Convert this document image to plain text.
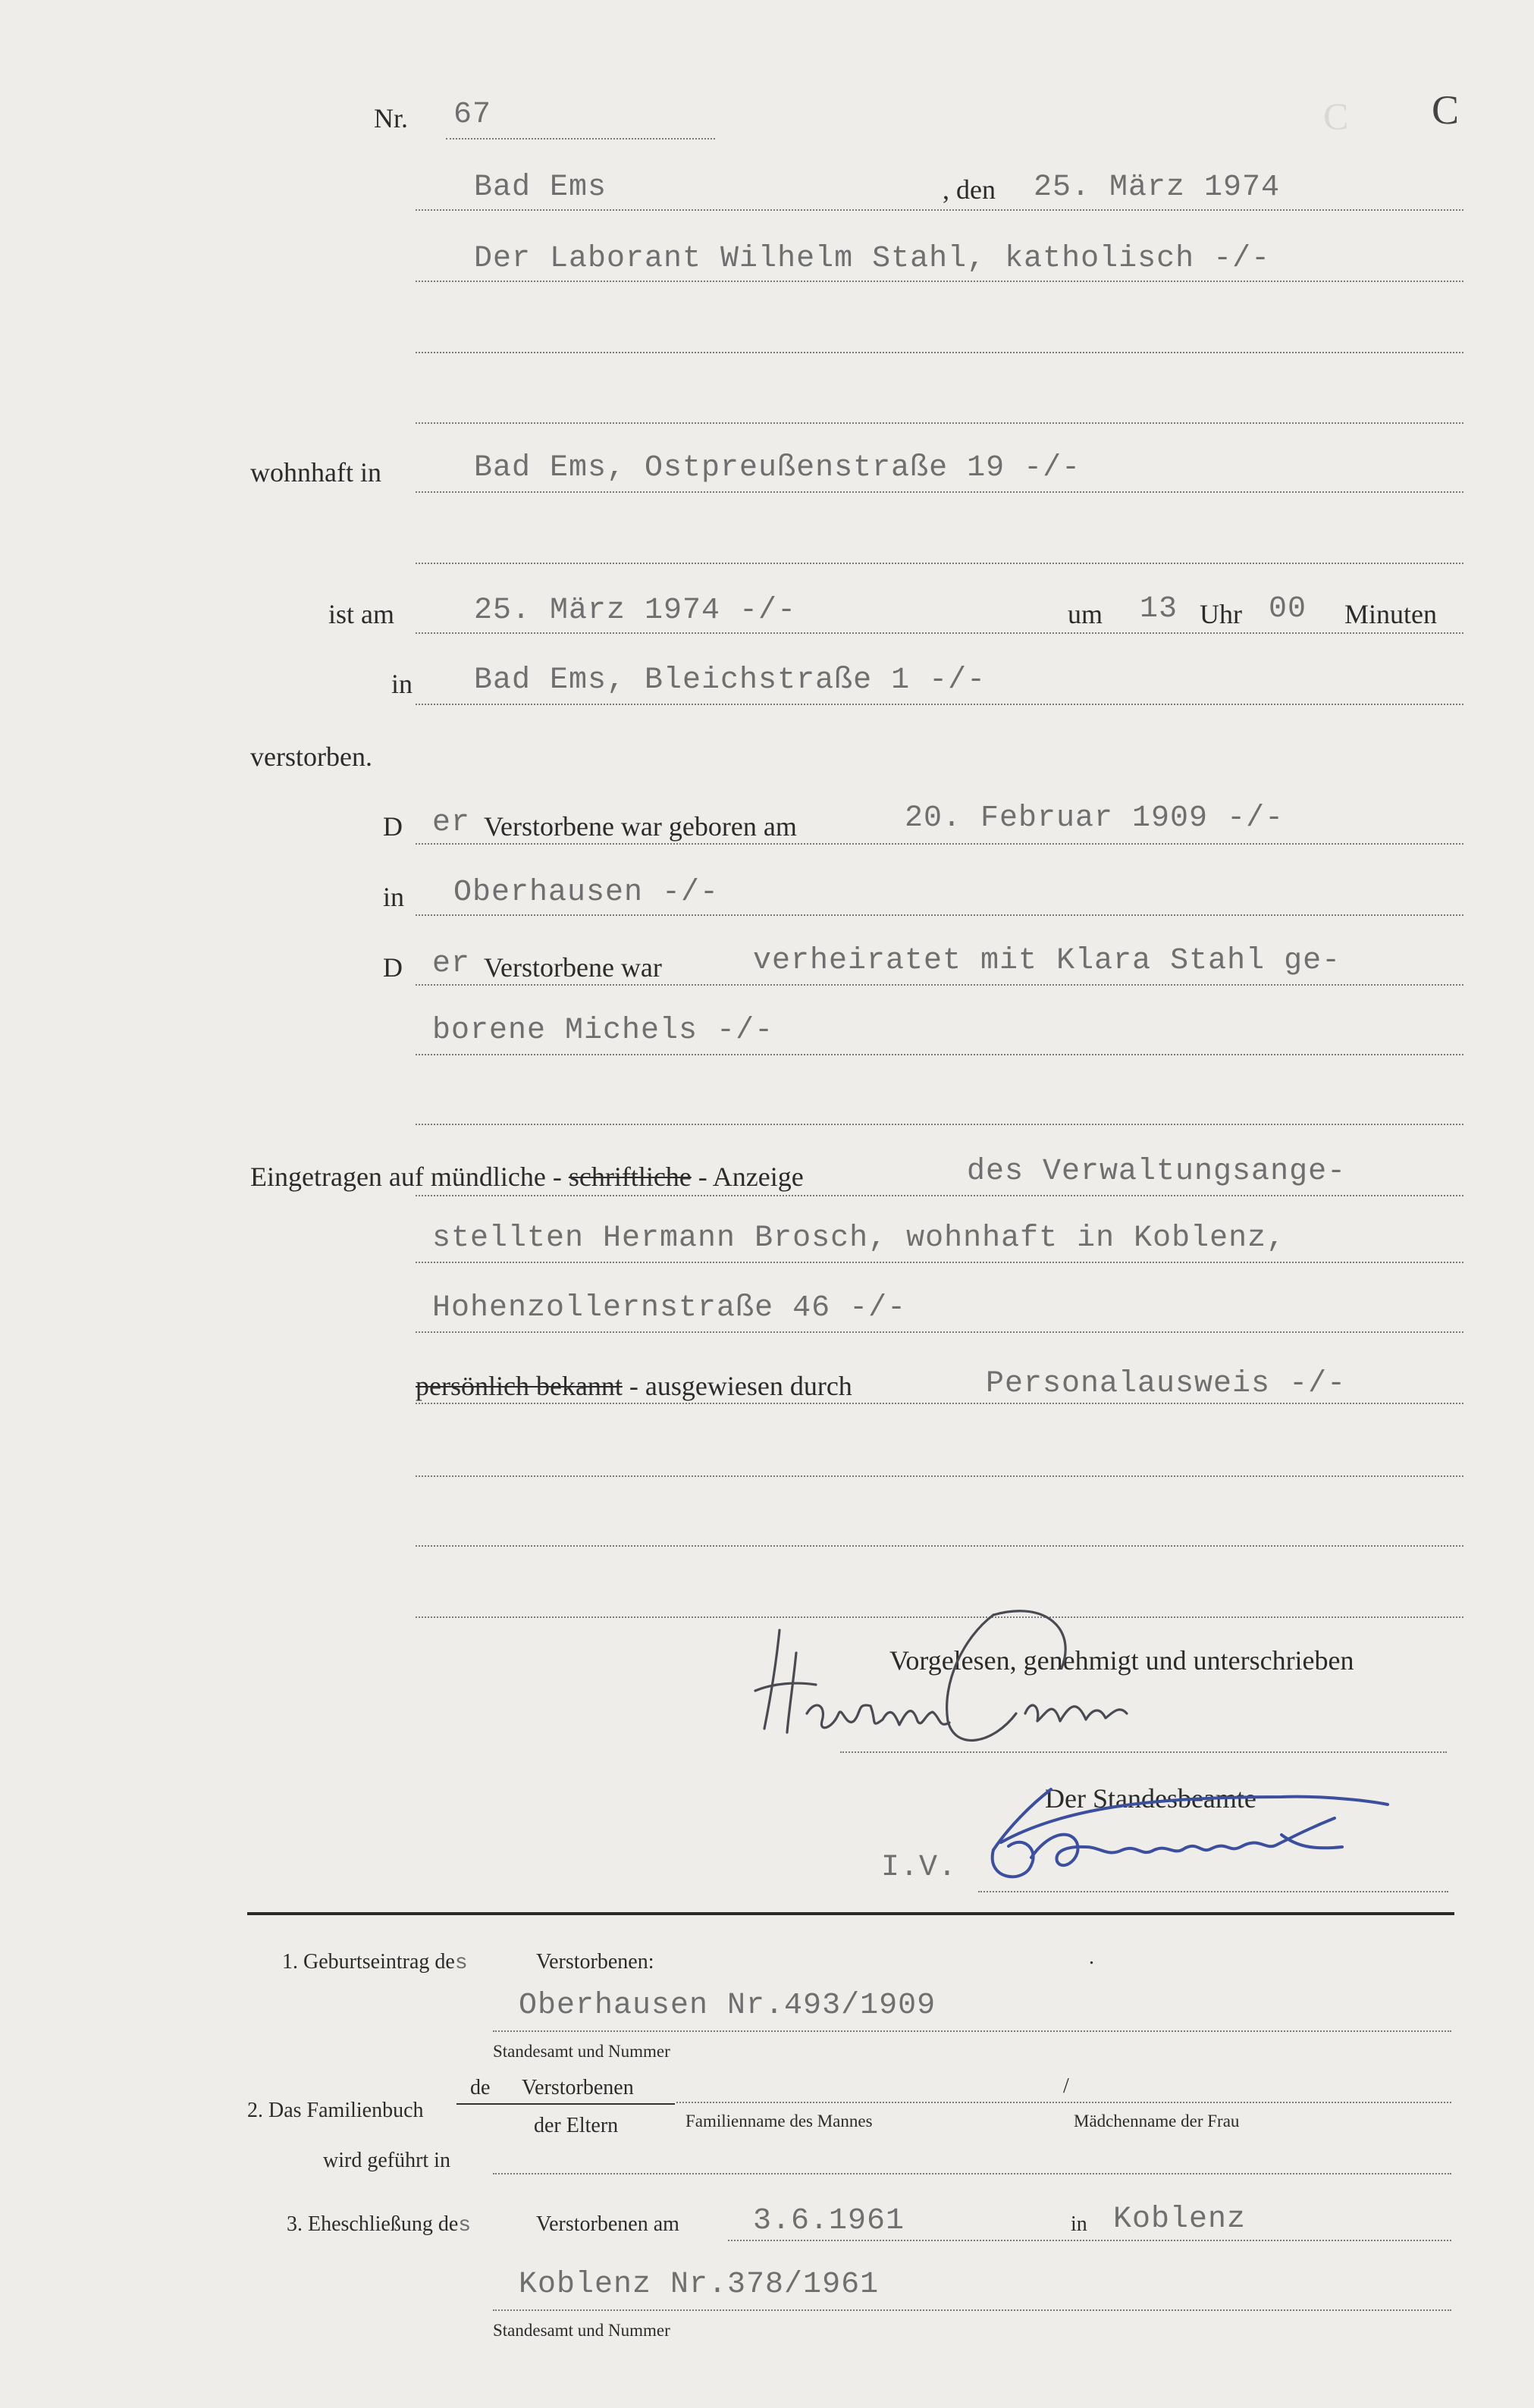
C
Nr. 67	C
Bad Ems	, den 25. März 1974
Der Laborant Wilhelm Stahl, katholisch -/-
wohnhaft in	Bad Ems, Ostpreußenstraße 19 -/-
ist am	25. März 1974 -/-	um 13 Uhr 00 Minuten
in Bad Ems, Bleichstraße 1 -/-
verstorben.
D er Verstorbene war geboren am	20. Februar 1909 -/-
in Oberhausen -/-
D er Verstorbene war	verheiratet mit Klara Stahl ge-
borene Michels -/-
Eingetragen auf mündliche - schriftliche - Anzeige	des Verwaltungsange-
stellten Hermann Brosch, wohnhaft in Koblenz,
Hohenzollernstraße 46 -/-
persönlich bekannt - ausgewiesen durch	Personalausweis -/-
Vorgelesen, genehmigt und unterschrieben
Der Standesbeamte
I.V.
1. Geburtseintrag des	Verstorbenen:
Oberhausen Nr.493/1909
Standesamt und Nummer
.
2. Das Familienbuch
de Verstorbenen
der Eltern
/
Familienname des Mannes	Mädchenname der Frau
wird geführt in
3. Eheschließung des	Verstorbenen am 3.6.1961	in Koblenz
Koblenz Nr.378/1961
Standesamt und Nummer
